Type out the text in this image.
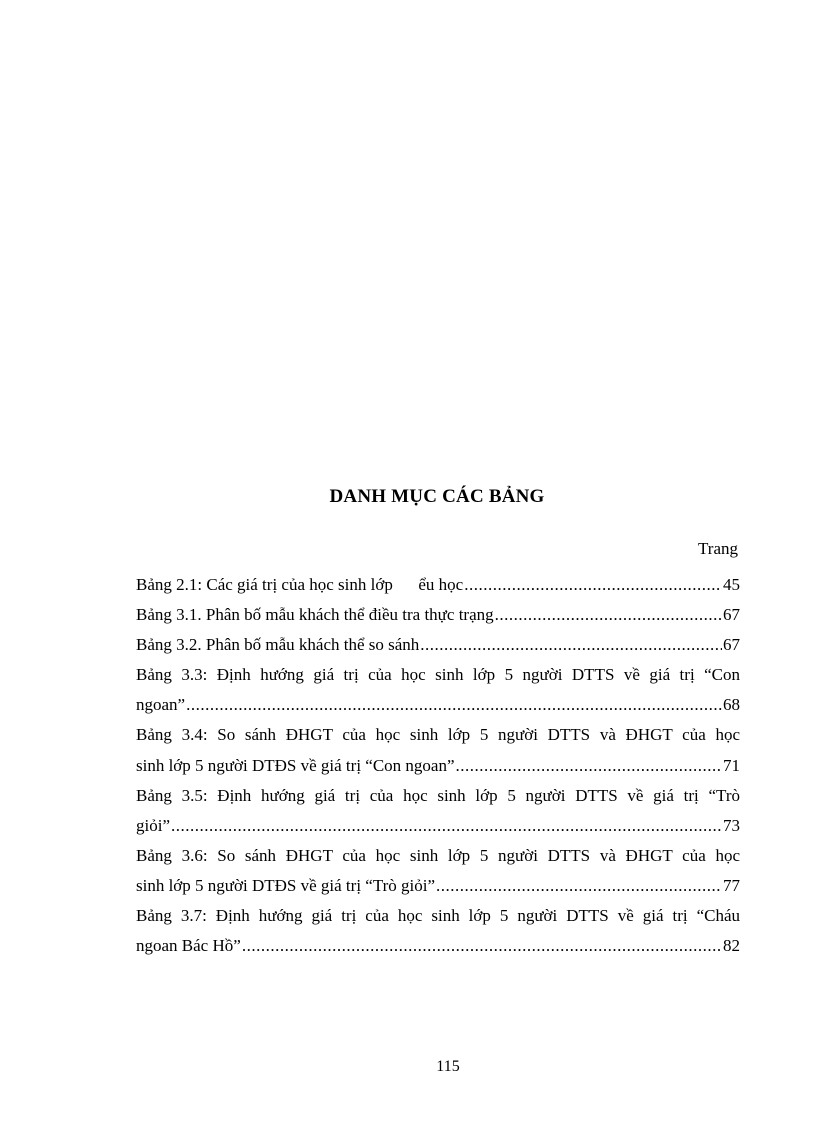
DANH MỤC CÁC BẢNG
Trang
Bảng 2.1: Các giá trị của học sinh lớp      ểu học .....	45
Bảng 3.1. Phân bố mẫu khách thể điều tra thực trạng .....	67
Bảng 3.2. Phân bố mẫu khách thể so sánh .....	67
Bảng 3.3: Định hướng giá trị của học sinh lớp 5 người DTTS về giá trị “Con
ngoan” .....	68
Bảng 3.4: So sánh ĐHGT của học sinh lớp 5 người DTTS và ĐHGT của học
sinh lớp 5 người DTĐS về giá trị “Con ngoan” .....	71
Bảng 3.5: Định hướng giá trị của học sinh lớp 5 người DTTS về giá trị “Trò
giỏi” .....	73
Bảng 3.6: So sánh ĐHGT của học sinh lớp 5 người DTTS và ĐHGT của học
sinh lớp 5 người DTĐS về giá trị “Trò giỏi” .....	77
Bảng 3.7: Định hướng giá trị của học sinh lớp 5 người DTTS về giá trị “Cháu
ngoan Bác Hồ” .....	82
115
